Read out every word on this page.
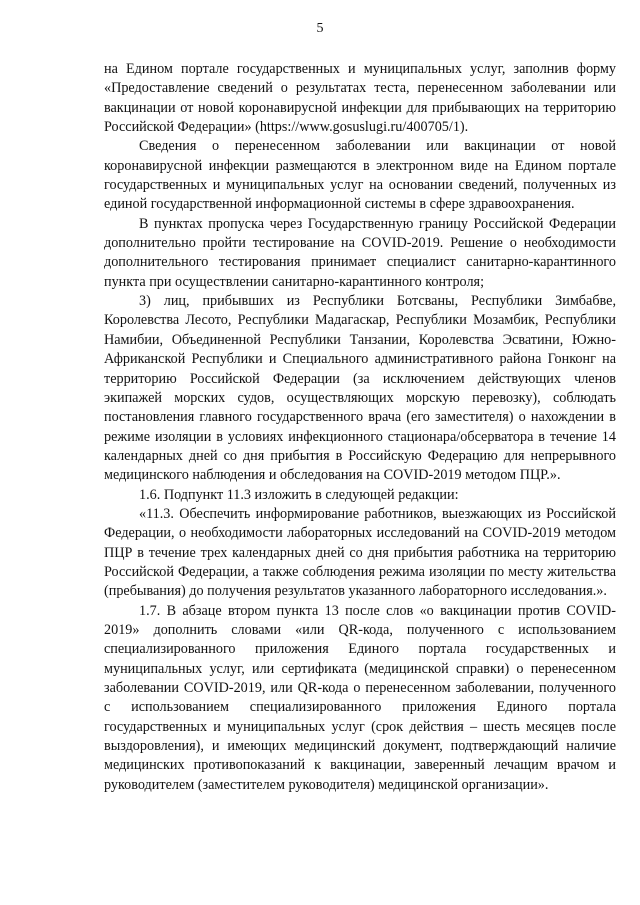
5

на Едином портале государственных и муниципальных услуг, заполнив форму «Предоставление сведений о результатах теста, перенесенном заболевании или вакцинации от новой коронавирусной инфекции для прибывающих на территорию Российской Федерации» (https://www.gosuslugi.ru/400705/1).

Сведения о перенесенном заболевании или вакцинации от новой коронавирусной инфекции размещаются в электронном виде на Едином портале государственных и муниципальных услуг на основании сведений, полученных из единой государственной информационной системы в сфере здравоохранения.

В пунктах пропуска через Государственную границу Российской Федерации дополнительно пройти тестирование на COVID-2019. Решение о необходимости дополнительного тестирования принимает специалист санитарно-карантинного пункта при осуществлении санитарно-карантинного контроля;

3) лиц, прибывших из Республики Ботсваны, Республики Зимбабве, Королевства Лесото, Республики Мадагаскар, Республики Мозамбик, Республики Намибии, Объединенной Республики Танзании, Королевства Эсватини, Южно-Африканской Республики и Специального административного района Гонконг на территорию Российской Федерации (за исключением действующих членов экипажей морских судов, осуществляющих морскую перевозку), соблюдать постановления главного государственного врача (его заместителя) о нахождении в режиме изоляции в условиях инфекционного стационара/обсерватора в течение 14 календарных дней со дня прибытия в Российскую Федерацию для непрерывного медицинского наблюдения и обследования на COVID-2019 методом ПЦР.».

1.6. Подпункт 11.3 изложить в следующей редакции:

«11.3. Обеспечить информирование работников, выезжающих из Российской Федерации, о необходимости лабораторных исследований на COVID-2019 методом ПЦР в течение трех календарных дней со дня прибытия работника на территорию Российской Федерации, а также соблюдения режима изоляции по месту жительства (пребывания) до получения результатов указанного лабораторного исследования.».

1.7. В абзаце втором пункта 13 после слов «о вакцинации против COVID-2019» дополнить словами «или QR-кода, полученного с использованием специализированного приложения Единого портала государственных и муниципальных услуг, или сертификата (медицинской справки) о перенесенном заболевании COVID-2019, или QR-кода о перенесенном заболевании, полученного с использованием специализированного приложения Единого портала государственных и муниципальных услуг (срок действия – шесть месяцев после выздоровления), и имеющих медицинский документ, подтверждающий наличие медицинских противопоказаний к вакцинации, заверенный лечащим врачом и руководителем (заместителем руководителя) медицинской организации».
